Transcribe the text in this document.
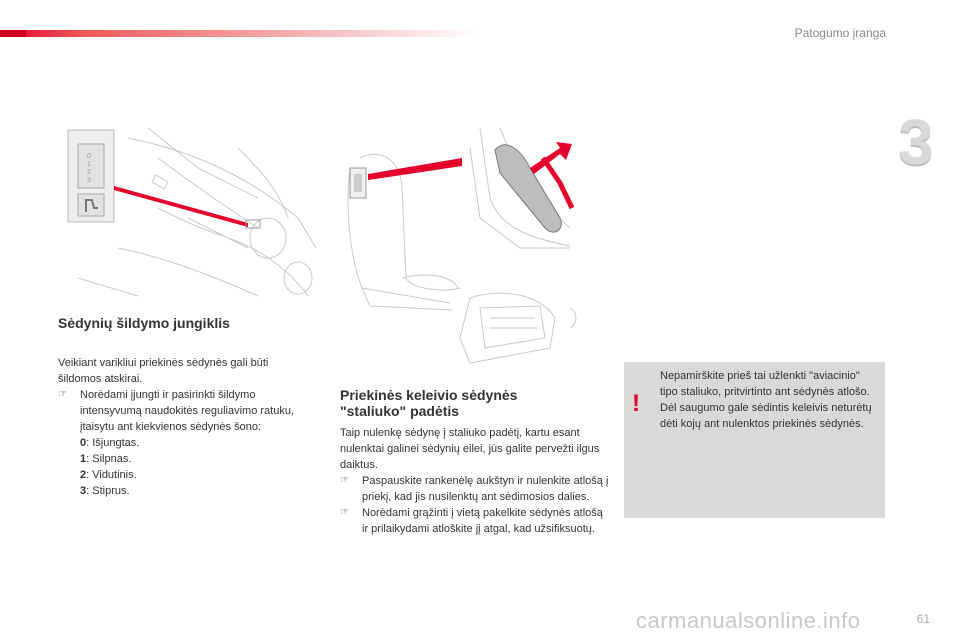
Patogumo įranga
3
0
1
2
3
Sėdynių šildymo jungiklis
Veikiant varikliui priekinės sėdynės gali būti šildomos atskirai.
☞ Norėdami įjungti ir pasirinkti šildymo intensyvumą naudokitės reguliavimo ratuku, įtaisytu ant kiekvienos sėdynės šono:
0: Išjungtas.
1: Silpnas.
2: Vidutinis.
3: Stiprus.
Priekinės keleivio sėdynės
"staliuko" padėtis
Taip nulenkę sėdynę į staliuko padėtį, kartu esant nulenktai galinei sėdynių eilei, jūs galite pervežti ilgus daiktus.
☞ Paspauskite rankenėlę aukštyn ir nulenkite atlošą į priekį, kad jis nusilenktų ant sėdimosios dalies.
☞ Norėdami grąžinti į vietą pakelkite sėdynės atlošą ir prilaikydami atloškite jį atgal, kad užsifiksuotų.
!
Nepamirškite prieš tai užlenkti "aviacinio" tipo staliuko, pritvirtinto ant sėdynės atlošo.
Dėl saugumo gale sėdintis keleivis neturėtų dėti kojų ant nulenktos priekinės sėdynės.
carmanualsonline.info	61
